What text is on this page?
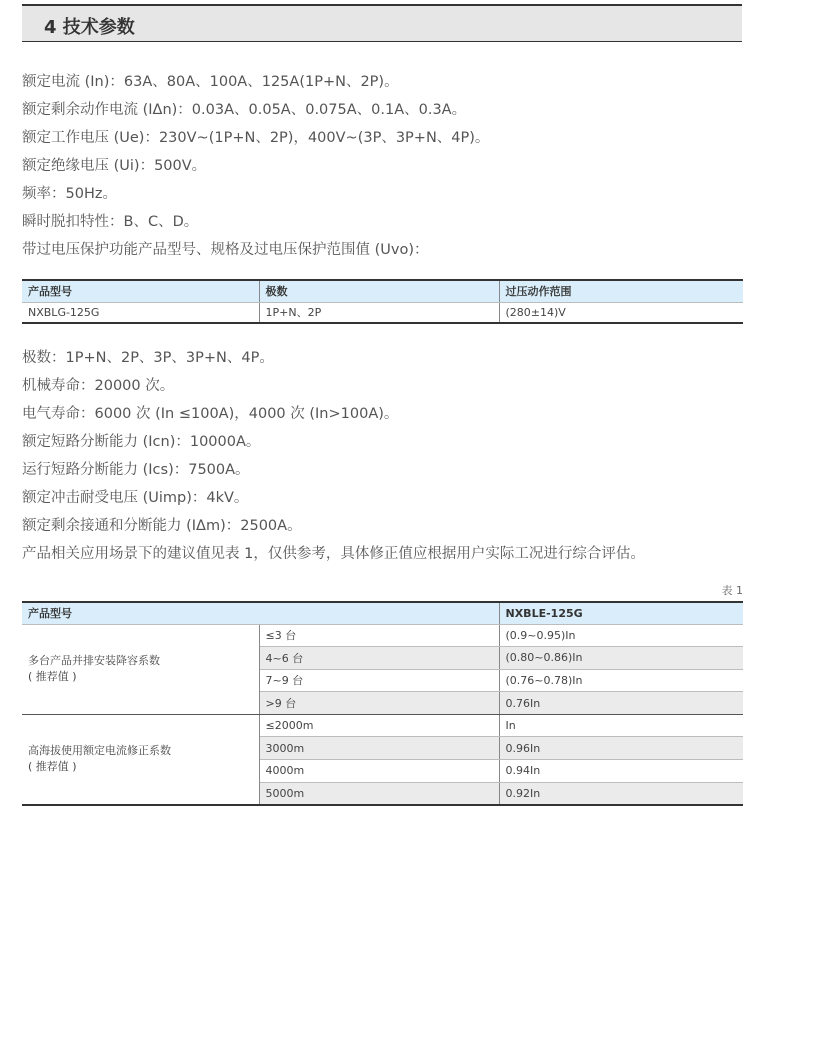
4 技术参数
额定电流 (In)：63A、80A、100A、125A(1P+N、2P)。
额定剩余动作电流 (IΔn)：0.03A、0.05A、0.075A、0.1A、0.3A。
额定工作电压 (Ue)：230V~(1P+N、2P)，400V~(3P、3P+N、4P)。
额定绝缘电压 (Ui)：500V。
频率：50Hz。
瞬时脱扣特性：B、C、D。
带过电压保护功能产品型号、规格及过电压保护范围值 (Uvo)：
产品型号	极数	过压动作范围
NXBLG-125G	1P+N、2P	(280±14)V
极数：1P+N、2P、3P、3P+N、4P。
机械寿命：20000 次。
电气寿命：6000 次 (In ≤100A)，4000 次 (In>100A)。
额定短路分断能力 (Icn)：10000A。
运行短路分断能力 (Ics)：7500A。
额定冲击耐受电压 (Uimp)：4kV。
额定剩余接通和分断能力 (IΔm)：2500A。
产品相关应用场景下的建议值见表 1，仅供参考，具体修正值应根据用户实际工况进行综合评估。
表 1
产品型号		NXBLE-125G

多台产品并排安装降容系数
( 推荐值 )	≤3 台	(0.9~0.95)In
	4~6 台	(0.80~0.86)In
	7~9 台	(0.76~0.78)In
	>9 台	0.76In

高海拔使用额定电流修正系数
( 推荐值 )	≤2000m	In
	3000m	0.96In
	4000m	0.94In
	5000m	0.92In
